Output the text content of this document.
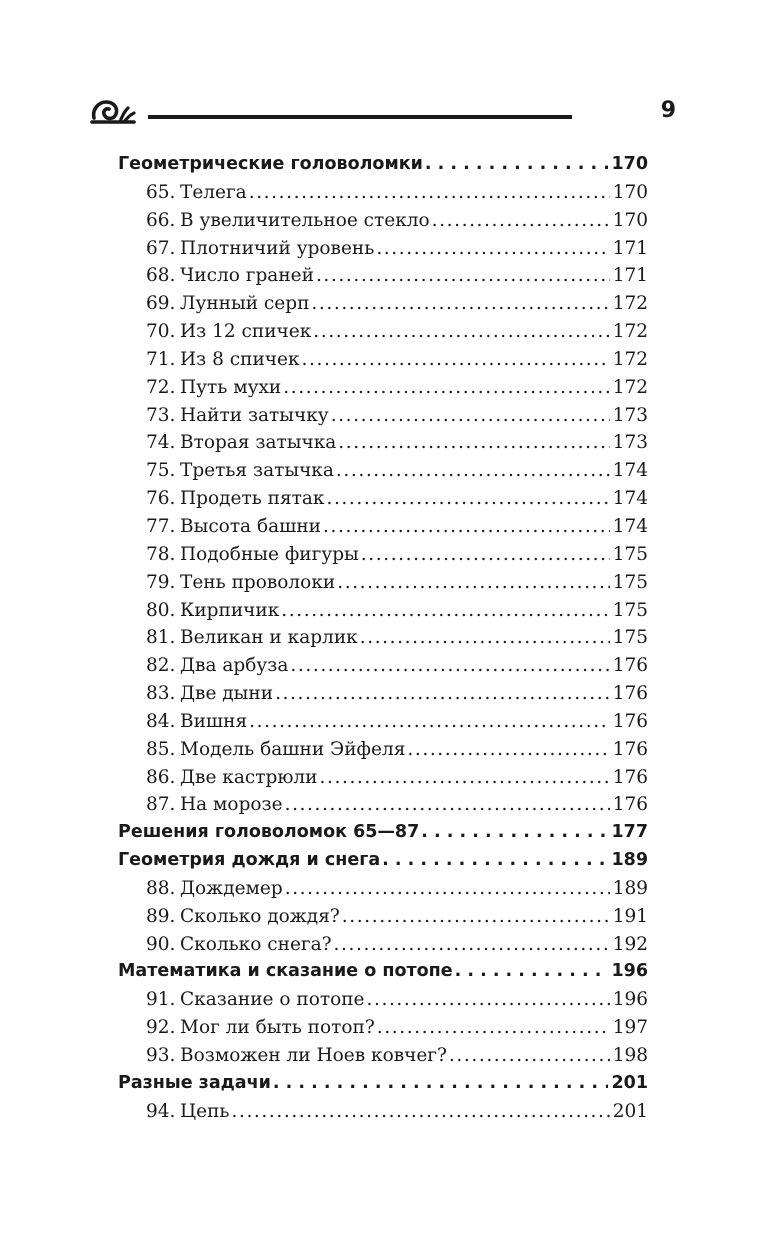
9
Геометрические головоломки . . .	170
65. Телега .....	170
66. В увеличительное стекло .....	170
67. Плотничий уровень .....	171
68. Число граней .....	171
69. Лунный серп .....	172
70. Из 12 спичек .....	172
71. Из 8 спичек .....	172
72. Путь мухи .....	172
73. Найти затычку .....	173
74. Вторая затычка .....	173
75. Третья затычка .....	174
76. Продеть пятак .....	174
77. Высота башни .....	174
78. Подобные фигуры .....	175
79. Тень проволоки .....	175
80. Кирпичик .....	175
81. Великан и карлик .....	175
82. Два арбуза .....	176
83. Две дыни .....	176
84. Вишня .....	176
85. Модель башни Эйфеля .....	176
86. Две кастрюли .....	176
87. На морозе .....	176
Решения головоломок 65—87 . . .	177
Геометрия дождя и снега . . .	189
88. Дождемер .....	189
89. Сколько дождя? .....	191
90. Сколько снега? .....	192
Математика и сказание о потопе . . .	196
91. Сказание о потопе .....	196
92. Мог ли быть потоп? .....	197
93. Возможен ли Ноев ковчег? .....	198
Разные задачи . . .	201
94. Цепь .....	201
